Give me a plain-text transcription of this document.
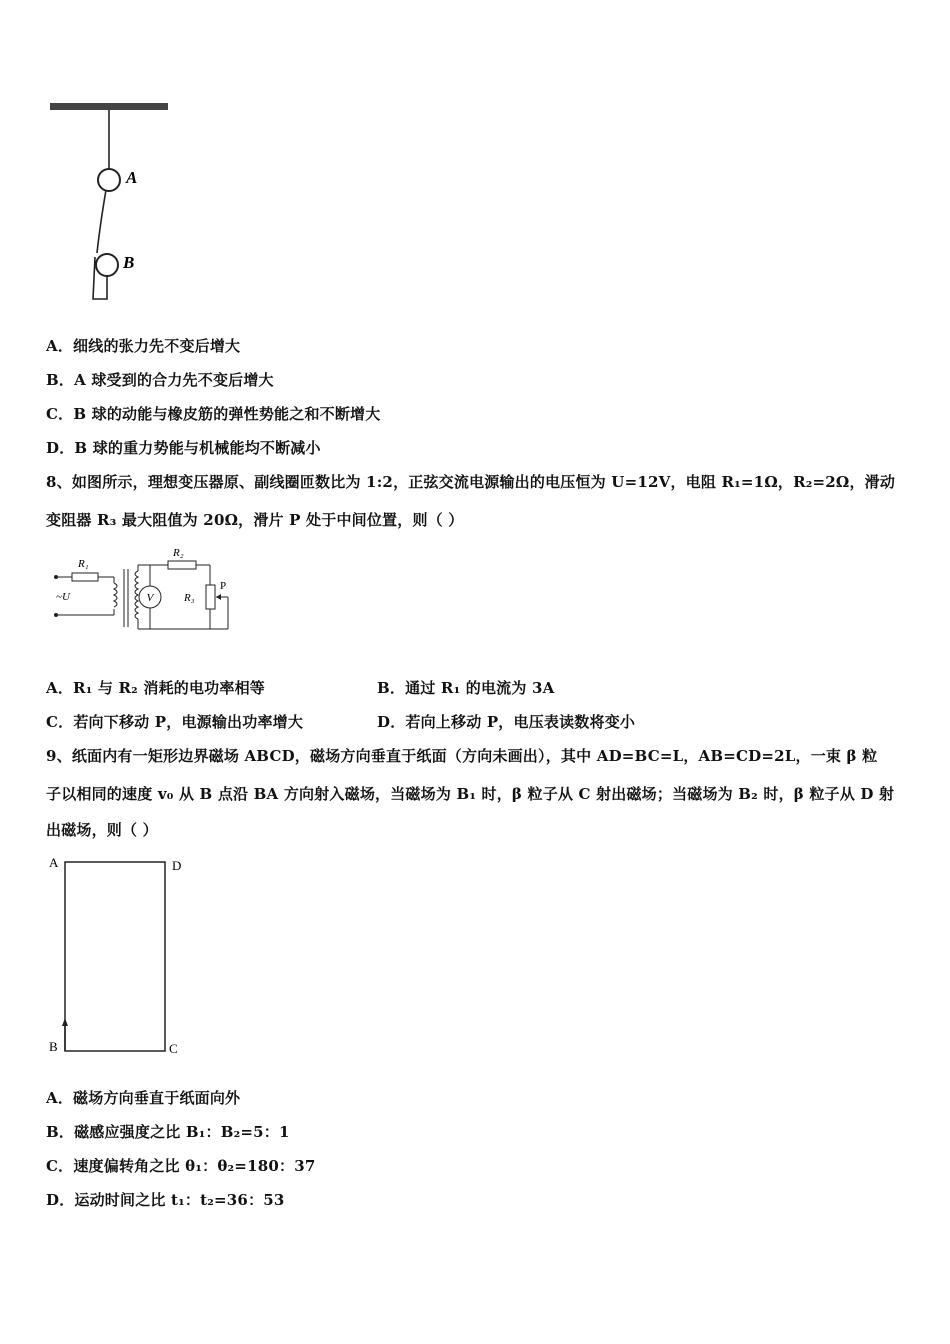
A
B
A．细线的张力先不变后增大
B．A 球受到的合力先不变后增大
C．B 球的动能与橡皮筋的弹性势能之和不断增大
D．B 球的重力势能与机械能均不断减小
8、如图所示，理想变压器原、副线圈匝数比为 1:2，正弦交流电源输出的电压恒为 U=12V，电阻 R₁=1Ω，R₂=2Ω，滑动
变阻器 R₃ 最大阻值为 20Ω，滑片 P 处于中间位置，则（ ）
V
R₁
R₂
R₃
P
~U
A．R₁ 与 R₂ 消耗的电功率相等	B．通过 R₁ 的电流为 3A
C．若向下移动 P，电源输出功率增大	D．若向上移动 P，电压表读数将变小
9、纸面内有一矩形边界磁场 ABCD，磁场方向垂直于纸面（方向未画出），其中 AD=BC=L，AB=CD=2L，一束 β 粒
子以相同的速度 v₀ 从 B 点沿 BA 方向射入磁场，当磁场为 B₁ 时，β 粒子从 C 射出磁场；当磁场为 B₂ 时，β 粒子从 D 射
出磁场，则（ ）
A	D
B	C
A．磁场方向垂直于纸面向外
B．磁感应强度之比 B₁：B₂=5：1
C．速度偏转角之比 θ₁：θ₂=180：37
D．运动时间之比 t₁：t₂=36：53
